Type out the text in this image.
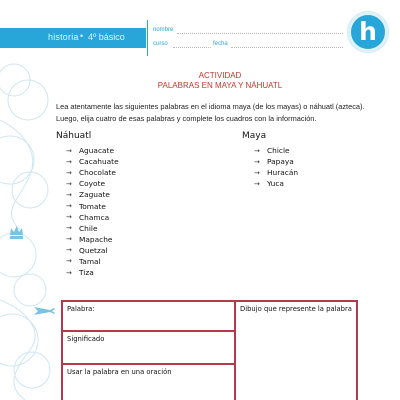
historia • 4º básico
nombre
curso	fecha	h
ACTIVIDAD
PALABRAS EN MAYA Y NÁHUATL
Lea atentamente las siguientes palabras en el idioma maya (de los mayas) o náhuatl (azteca). Luego, elija cuatro de esas palabras y complete los cuadros con la información.
Náhuatl
→ Aguacate
→ Cacahuate
→ Chocolate
→ Coyote
→ Zaguate
→ Tomate
→ Chamca
→ Chile
→ Mapache
→ Quetzal
→ Tamal
→ Tiza
Maya
→ Chicle
→ Papaya
→ Huracán
→ Yuca
Palabra:	Dibujo que represente la palabra
Significado
Usar la palabra en una oración
